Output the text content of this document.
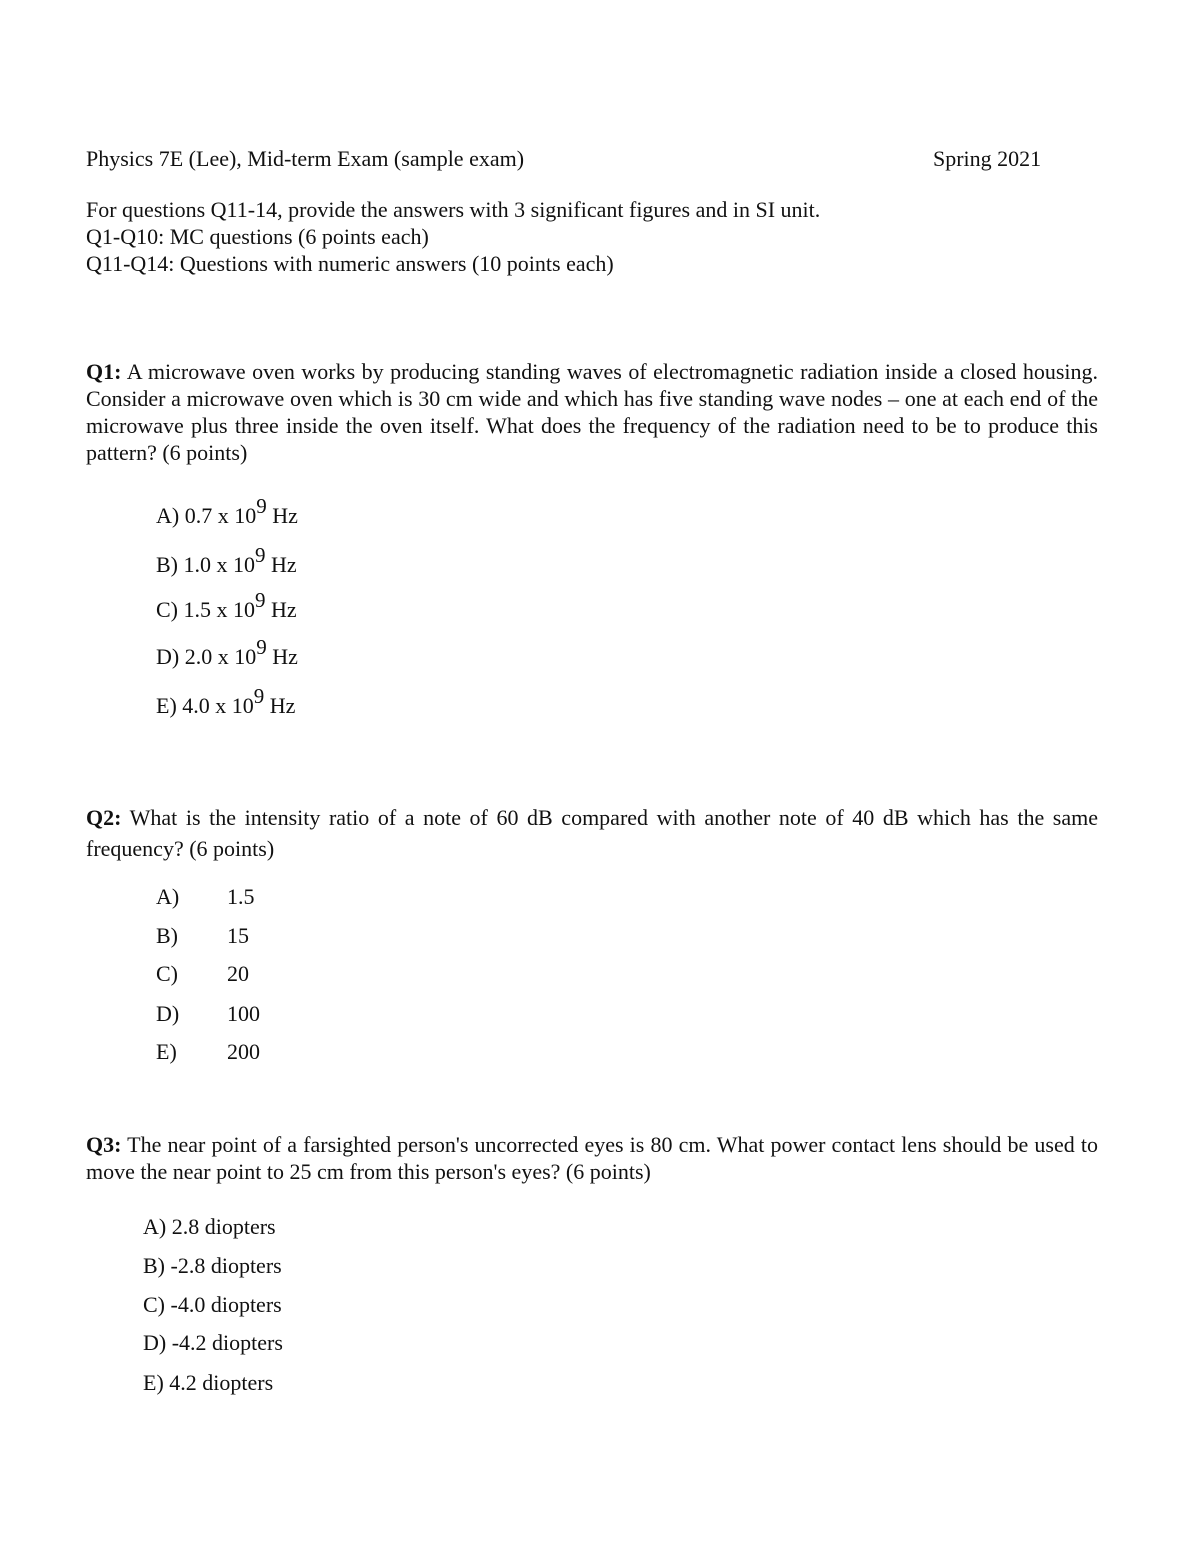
Physics 7E (Lee), Mid-term Exam (sample exam)	Spring 2021
For questions Q11-14, provide the answers with 3 significant figures and in SI unit.
Q1-Q10: MC questions (6 points each)
Q11-Q14: Questions with numeric answers (10 points each)
Q1: A microwave oven works by producing standing waves of electromagnetic radiation inside a closed housing. Consider a microwave oven which is 30 cm wide and which has five standing wave nodes – one at each end of the microwave plus three inside the oven itself. What does the frequency of the radiation need to be to produce this pattern? (6 points)
A) 0.7 x 109 Hz
B) 1.0 x 109 Hz
C) 1.5 x 109 Hz
D) 2.0 x 109 Hz
E) 4.0 x 109 Hz
Q2: What is the intensity ratio of a note of 60 dB compared with another note of 40 dB which has the same frequency? (6 points)
A) 1.5
B) 15
C) 20
D) 100
E) 200
Q3: The near point of a farsighted person's uncorrected eyes is 80 cm. What power contact lens should be used to move the near point to 25 cm from this person's eyes? (6 points)
A) 2.8 diopters
B) -2.8 diopters
C) -4.0 diopters
D) -4.2 diopters
E) 4.2 diopters
